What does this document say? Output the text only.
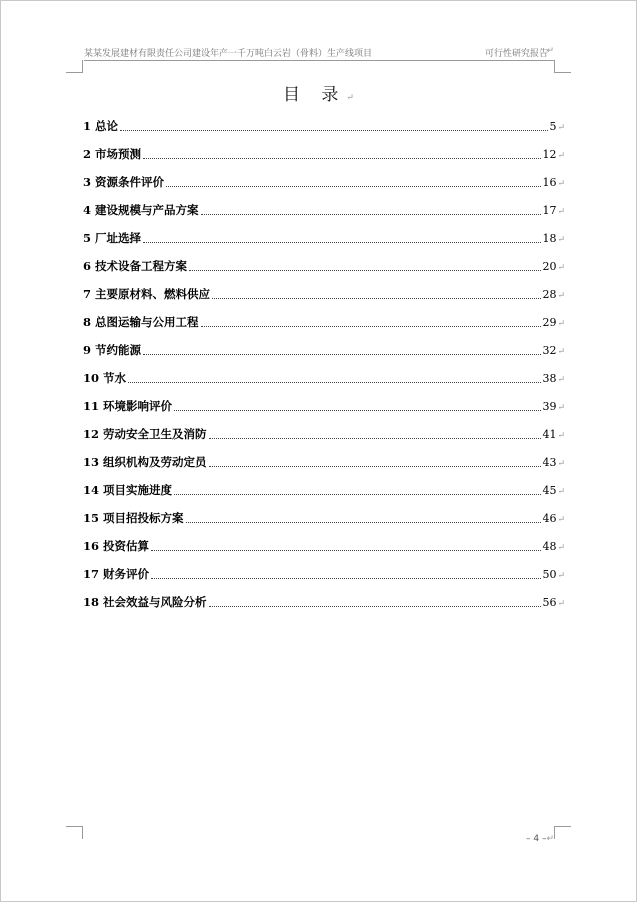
某某发展建材有限责任公司建设年产一千万吨白云岩（骨料）生产线项目	可行性研究报告
↵
目 录↵
1 总论	5↵
2 市场预测	12↵
3 资源条件评价	16↵
4 建设规模与产品方案	17↵
5 厂址选择	18↵
6 技术设备工程方案	20↵
7 主要原材料、燃料供应	28↵
8 总图运输与公用工程	29↵
9 节约能源	32↵
10 节水	38↵
11 环境影响评价	39↵
12 劳动安全卫生及消防	41↵
13 组织机构及劳动定员	43↵
14 项目实施进度	45↵
15 项目招投标方案	46↵
16 投资估算	48↵
17 财务评价	50↵
18 社会效益与风险分析	56↵
– 4 –↵
